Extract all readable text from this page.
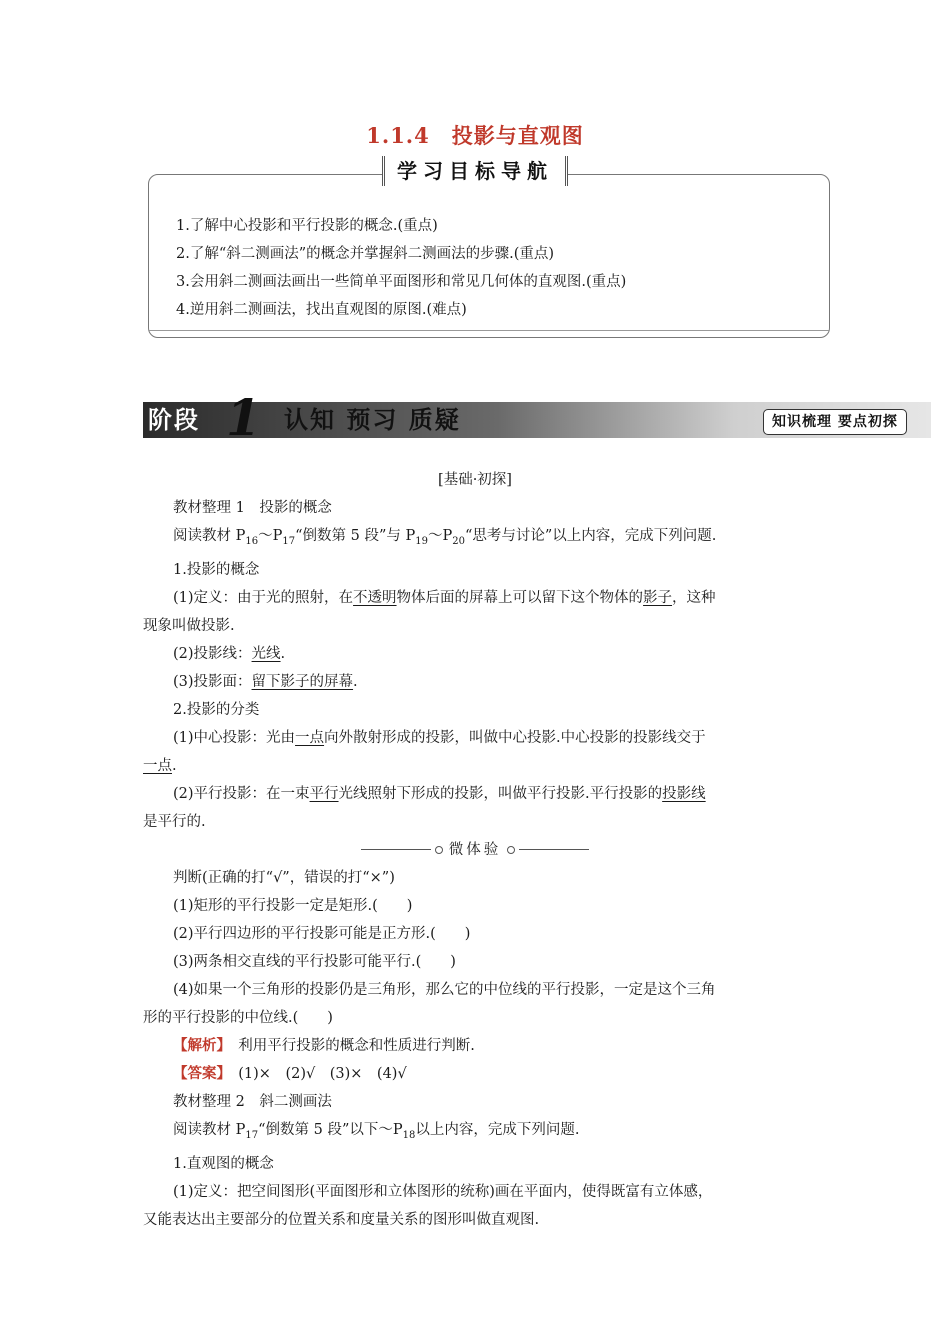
1.1.4　投影与直观图
学习目标导航
1.了解中心投影和平行投影的概念.(重点)
2.了解“斜二测画法”的概念并掌握斜二测画法的步骤.(重点)
3.会用斜二测画法画出一些简单平面图形和常见几何体的直观图.(重点)
4.逆用斜二测画法，找出直观图的原图.(难点)
阶段 1 认知 预习 质疑	知识梳理 要点初探

[基础·初探]

教材整理 1　投影的概念

阅读教材 $P_{16}\sim P_{17}“$倒数第 5 段”与 $P_{19}\sim P_{20}“$思考与讨论”以上内容，完成下列问题.

1.投影的概念

(1)定义：由于光的照射，在不透明物体后面的屏幕上可以留下这个物体的影子，这种

现象叫做投影.

(2)投影线：光线.

(3)投影面：留下影子的屏幕.

2.投影的分类

(1)中心投影：光由一点向外散射形成的投影，叫做中心投影.中心投影的投影线交于

一点.

(2)平行投影：在一束平行光线照射下形成的投影，叫做平行投影.平行投影的投影线

是平行的.

微体验

判断(正确的打“√”，错误的打“×”)

(1)矩形的平行投影一定是矩形.(　　)

(2)平行四边形的平行投影可能是正方形.(　　)

(3)两条相交直线的平行投影可能平行.(　　)

(4)如果一个三角形的投影仍是三角形，那么它的中位线的平行投影，一定是这个三角

形的平行投影的中位线.(　　)

【解析】　利用平行投影的概念和性质进行判断.

【答案】　(1)×　(2)√　(3)×　(4)√

教材整理 2　斜二测画法

阅读教材 $P_{17}“$倒数第 5 段”以下$\sim P_{18}$以上内容，完成下列问题.

1.直观图的概念

(1)定义：把空间图形(平面图形和立体图形的统称)画在平面内，使得既富有立体感，

又能表达出主要部分的位置关系和度量关系的图形叫做直观图.
